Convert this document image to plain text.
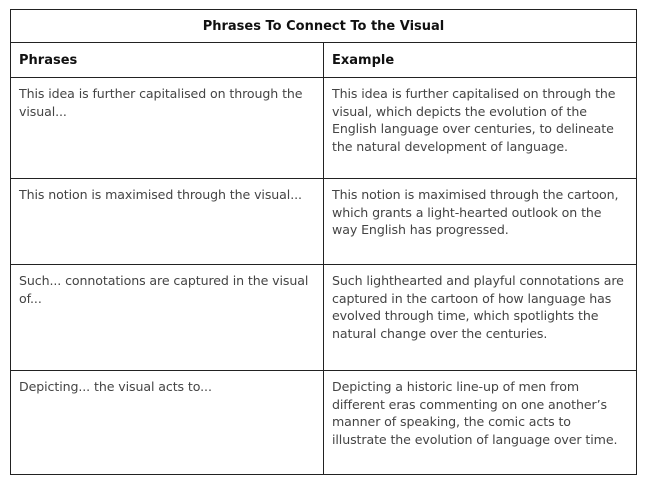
Phrases To Connect To the Visual	
Phrases	Example
This idea is further capitalised on through the visual...	This idea is further capitalised on through the visual, which depicts the evolution of the English language over centuries, to delineate the natural development of language.
This notion is maximised through the visual...	This notion is maximised through the cartoon, which grants a light-hearted outlook on the way English has progressed.
Such... connotations are captured in the visual of...	Such lighthearted and playful connotations are captured in the cartoon of how language has evolved through time, which spotlights the natural change over the centuries.
Depicting... the visual acts to...	Depicting a historic line-up of men from different eras commenting on one another’s manner of speaking, the comic acts to illustrate the evolution of language over time.
